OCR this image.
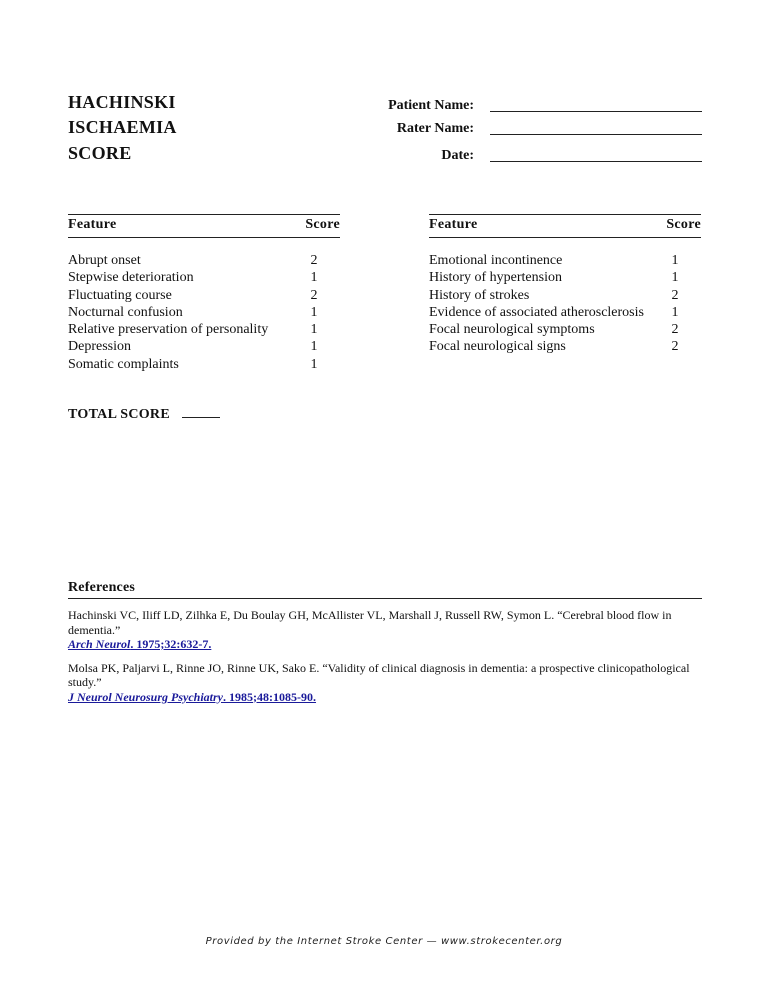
HACHINSKI
ISCHAEMIA
SCORE
Patient Name:
Rater Name:
Date:
Feature	Score
Abrupt onset	2
Stepwise deterioration	1
Fluctuating course	2
Nocturnal confusion	1
Relative preservation of personality	1
Depression	1
Somatic complaints	1
Feature	Score
Emotional incontinence	1
History of hypertension	1
History of strokes	2
Evidence of associated atherosclerosis 1
Focal neurological symptoms	2
Focal neurological signs	2
TOTAL SCORE
References
Hachinski VC, Iliff LD, Zilhka E, Du Boulay GH, McAllister VL, Marshall J, Russell RW, Symon L. “Cerebral blood flow in dementia.”
Arch Neurol. 1975;32:632-7.
Molsa PK, Paljarvi L, Rinne JO, Rinne UK, Sako E. “Validity of clinical diagnosis in dementia: a prospective clinicopathological study.”
J Neurol Neurosurg Psychiatry. 1985;48:1085-90.
Provided by the Internet Stroke Center — www.strokecenter.org
